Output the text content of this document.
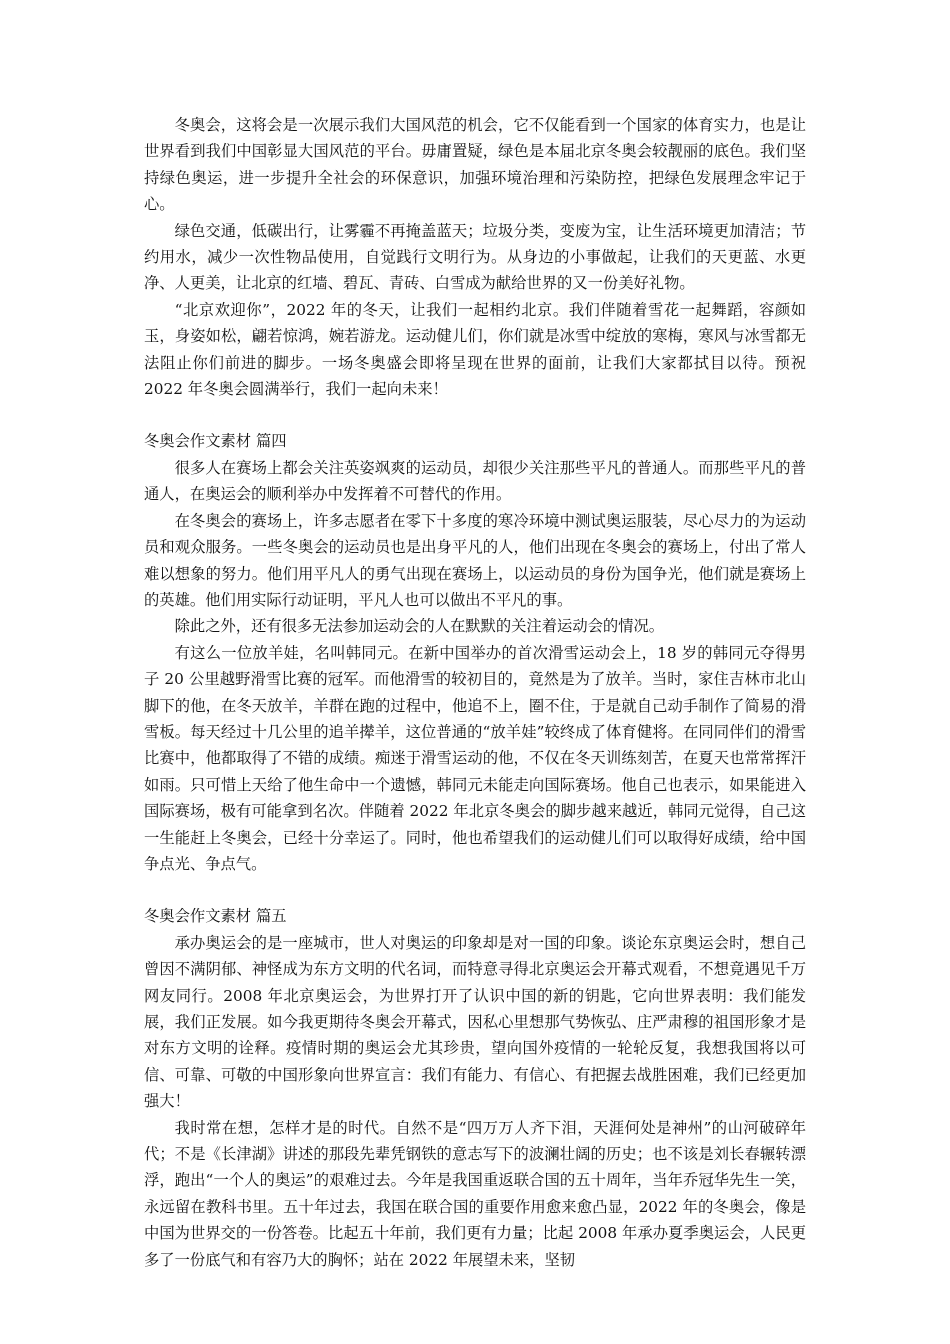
冬奥会，这将会是一次展示我们大国风范的机会，它不仅能看到一个国家的体育实力，也是让世界看到我们中国彰显大国风范的平台。毋庸置疑，绿色是本届北京冬奥会较靓丽的底色。我们坚持绿色奥运，进一步提升全社会的环保意识，加强环境治理和污染防控，把绿色发展理念牢记于心。

绿色交通，低碳出行，让雾霾不再掩盖蓝天；垃圾分类，变废为宝，让生活环境更加清洁；节约用水，减少一次性物品使用，自觉践行文明行为。从身边的小事做起，让我们的天更蓝、水更净、人更美，让北京的红墙、碧瓦、青砖、白雪成为献给世界的又一份美好礼物。

“北京欢迎你”，2022 年的冬天，让我们一起相约北京。我们伴随着雪花一起舞蹈，容颜如玉，身姿如松，翩若惊鸿，婉若游龙。运动健儿们，你们就是冰雪中绽放的寒梅，寒风与冰雪都无法阻止你们前进的脚步。一场冬奥盛会即将呈现在世界的面前，让我们大家都拭目以待。预祝 2022 年冬奥会圆满举行，我们一起向未来！

冬奥会作文素材 篇四

很多人在赛场上都会关注英姿飒爽的运动员，却很少关注那些平凡的普通人。而那些平凡的普通人，在奥运会的顺利举办中发挥着不可替代的作用。

在冬奥会的赛场上，许多志愿者在零下十多度的寒冷环境中测试奥运服装，尽心尽力的为运动员和观众服务。一些冬奥会的运动员也是出身平凡的人，他们出现在冬奥会的赛场上，付出了常人难以想象的努力。他们用平凡人的勇气出现在赛场上，以运动员的身份为国争光，他们就是赛场上的英雄。他们用实际行动证明，平凡人也可以做出不平凡的事。

除此之外，还有很多无法参加运动会的人在默默的关注着运动会的情况。

有这么一位放羊娃，名叫韩同元。在新中国举办的首次滑雪运动会上，18 岁的韩同元夺得男子 20 公里越野滑雪比赛的冠军。而他滑雪的较初目的，竟然是为了放羊。当时，家住吉林市北山脚下的他，在冬天放羊，羊群在跑的过程中，他追不上，圈不住，于是就自己动手制作了简易的滑雪板。每天经过十几公里的追羊撵羊，这位普通的“放羊娃”较终成了体育健将。在同同伴们的滑雪比赛中，他都取得了不错的成绩。痴迷于滑雪运动的他，不仅在冬天训练刻苦，在夏天也常常挥汗如雨。只可惜上天给了他生命中一个遗憾，韩同元未能走向国际赛场。他自己也表示，如果能进入国际赛场，极有可能拿到名次。伴随着 2022 年北京冬奥会的脚步越来越近，韩同元觉得，自己这一生能赶上冬奥会，已经十分幸运了。同时，他也希望我们的运动健儿们可以取得好成绩，给中国争点光、争点气。

冬奥会作文素材 篇五

承办奥运会的是一座城市，世人对奥运的印象却是对一国的印象。谈论东京奥运会时，想自己曾因不满阴郁、神怪成为东方文明的代名词，而特意寻得北京奥运会开幕式观看，不想竟遇见千万网友同行。2008 年北京奥运会，为世界打开了认识中国的新的钥匙，它向世界表明：我们能发展，我们正发展。如今我更期待冬奥会开幕式，因私心里想那气势恢弘、庄严肃穆的祖国形象才是对东方文明的诠释。疫情时期的奥运会尤其珍贵，望向国外疫情的一轮轮反复，我想我国将以可信、可靠、可敬的中国形象向世界宣言：我们有能力、有信心、有把握去战胜困难，我们已经更加强大！

我时常在想，怎样才是的时代。自然不是“四万万人齐下泪，天涯何处是神州”的山河破碎年代；不是《长津湖》讲述的那段先辈凭钢铁的意志写下的波澜壮阔的历史；也不该是刘长春辗转漂浮，跑出“一个人的奥运”的艰难过去。今年是我国重返联合国的五十周年，当年乔冠华先生一笑，永远留在教科书里。五十年过去，我国在联合国的重要作用愈来愈凸显，2022 年的冬奥会，像是中国为世界交的一份答卷。比起五十年前，我们更有力量；比起 2008 年承办夏季奥运会，人民更多了一份底气和有容乃大的胸怀；站在 2022 年展望未来，坚韧
